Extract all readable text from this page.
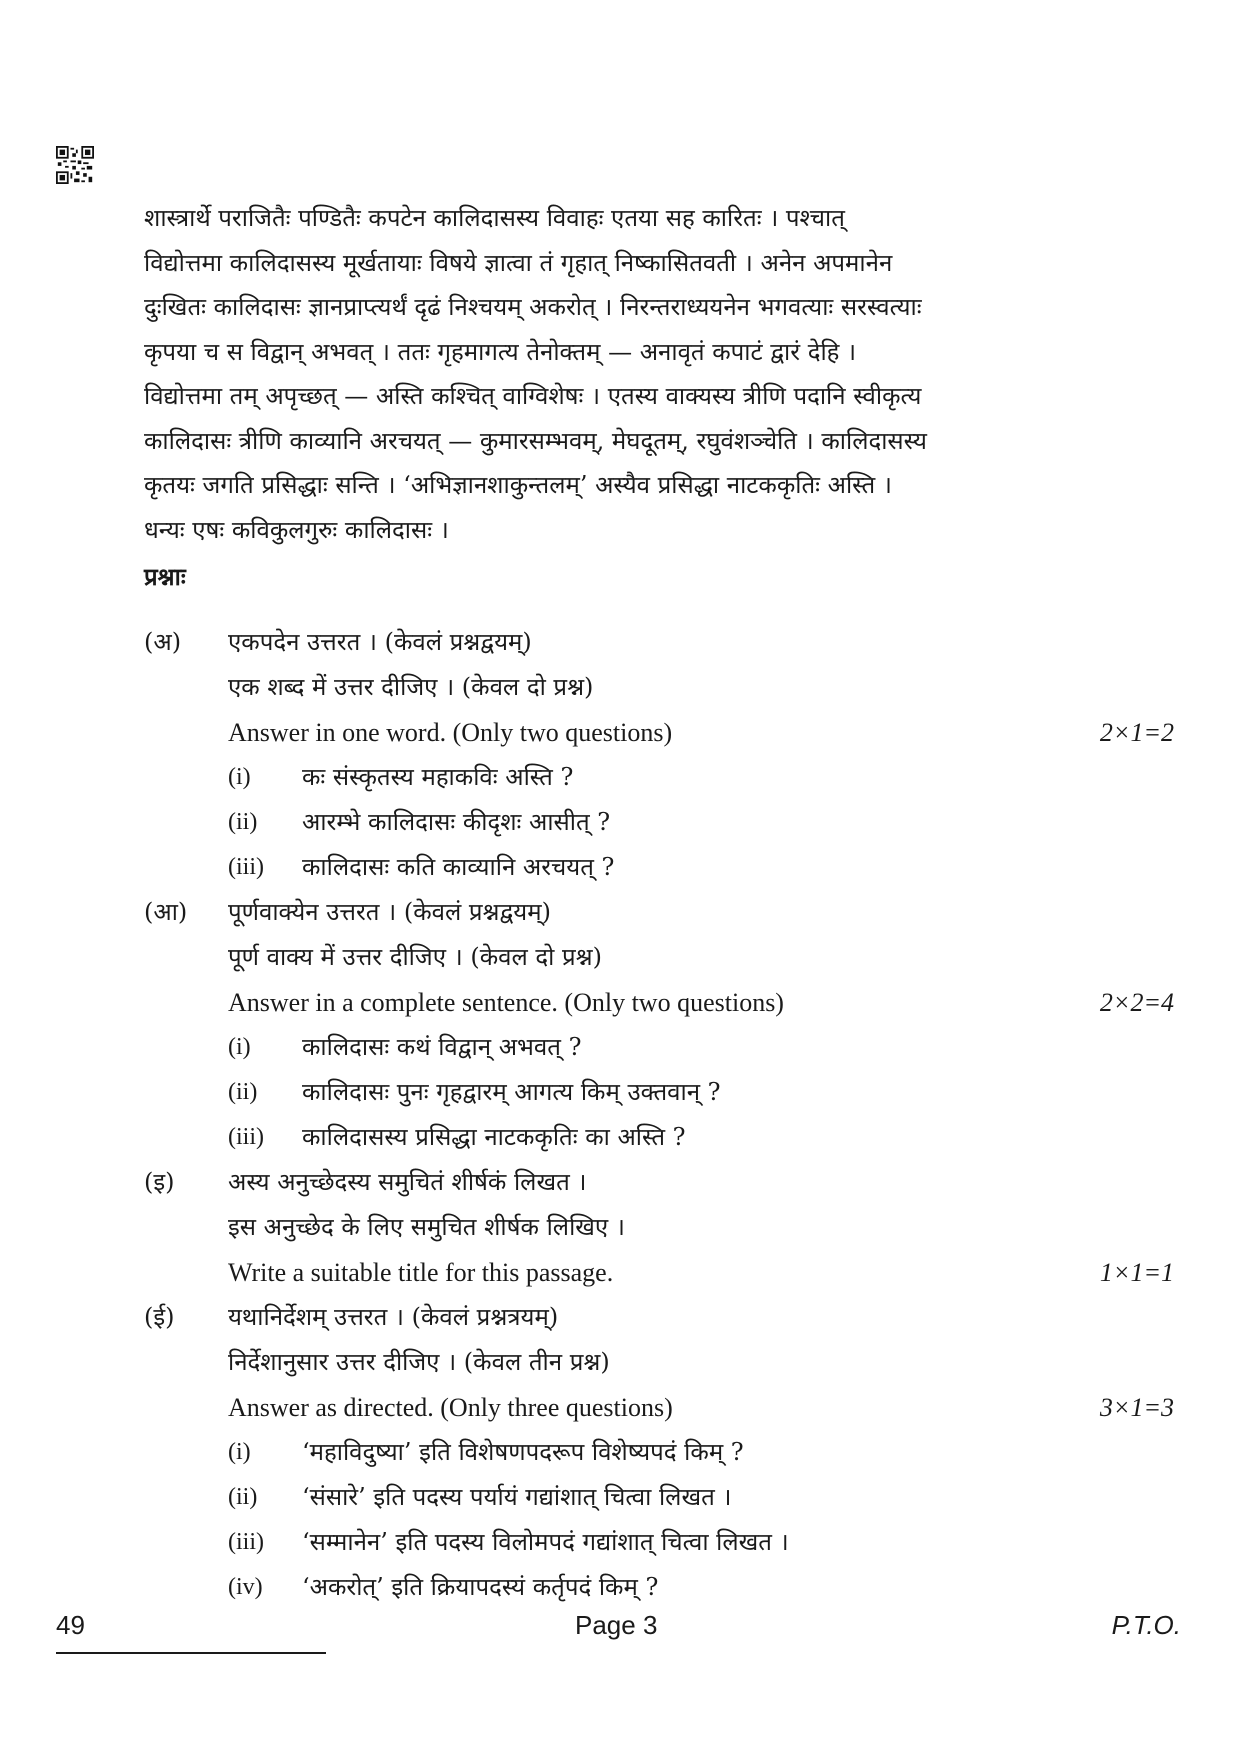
शास्त्रार्थे पराजितैः पण्डितैः कपटेन कालिदासस्य विवाहः एतया सह कारितः । पश्चात्

विद्योत्तमा कालिदासस्य मूर्खतायाः विषये ज्ञात्वा तं गृहात् निष्कासितवती । अनेन अपमानेन

दुःखितः कालिदासः ज्ञानप्राप्त्यर्थं दृढं निश्चयम् अकरोत् । निरन्तराध्ययनेन भगवत्याः सरस्वत्याः

कृपया च स विद्वान् अभवत् । ततः गृहमागत्य तेनोक्तम् — अनावृतं कपाटं द्वारं देहि ।

विद्योत्तमा तम् अपृच्छत् — अस्ति कश्चित् वाग्विशेषः । एतस्य वाक्यस्य त्रीणि पदानि स्वीकृत्य

कालिदासः त्रीणि काव्यानि अरचयत् — कुमारसम्भवम्, मेघदूतम्, रघुवंशञ्चेति । कालिदासस्य

कृतयः जगति प्रसिद्धाः सन्ति । ‘अभिज्ञानशाकुन्तलम्’ अस्यैव प्रसिद्धा नाटककृतिः अस्ति ।

धन्यः एषः कविकुलगुरुः कालिदासः ।

प्रश्नाः
(अ) एकपदेन उत्तरत । (केवलं प्रश्नद्वयम्)
एक शब्द में उत्तर दीजिए । (केवल दो प्रश्न)
Answer in one word. (Only two questions)	2×1=2
(i) कः संस्कृतस्य महाकविः अस्ति ?
(ii) आरम्भे कालिदासः कीदृशः आसीत् ?
(iii) कालिदासः कति काव्यानि अरचयत् ?
(आ) पूर्णवाक्येन उत्तरत । (केवलं प्रश्नद्वयम्)
पूर्ण वाक्य में उत्तर दीजिए । (केवल दो प्रश्न)
Answer in a complete sentence. (Only two questions)	2×2=4
(i) कालिदासः कथं विद्वान् अभवत् ?
(ii) कालिदासः पुनः गृहद्वारम् आगत्य किम् उक्तवान् ?
(iii) कालिदासस्य प्रसिद्धा नाटककृतिः का अस्ति ?
(इ) अस्य अनुच्छेदस्य समुचितं शीर्षकं लिखत ।
इस अनुच्छेद के लिए समुचित शीर्षक लिखिए ।
Write a suitable title for this passage.	1×1=1
(ई) यथानिर्देशम् उत्तरत । (केवलं प्रश्नत्रयम्)
निर्देशानुसार उत्तर दीजिए । (केवल तीन प्रश्न)
Answer as directed. (Only three questions)	3×1=3
(i) ‘महाविदुष्या’ इति विशेषणपदरूप विशेष्यपदं किम् ?
(ii) ‘संसारे’ इति पदस्य पर्यायं गद्यांशात् चित्वा लिखत ।
(iii) ‘सम्मानेन’ इति पदस्य विलोमपदं गद्यांशात् चित्वा लिखत ।
(iv) ‘अकरोत्’ इति क्रियापदस्यं कर्तृपदं किम् ?
49	Page 3	P.T.O.
